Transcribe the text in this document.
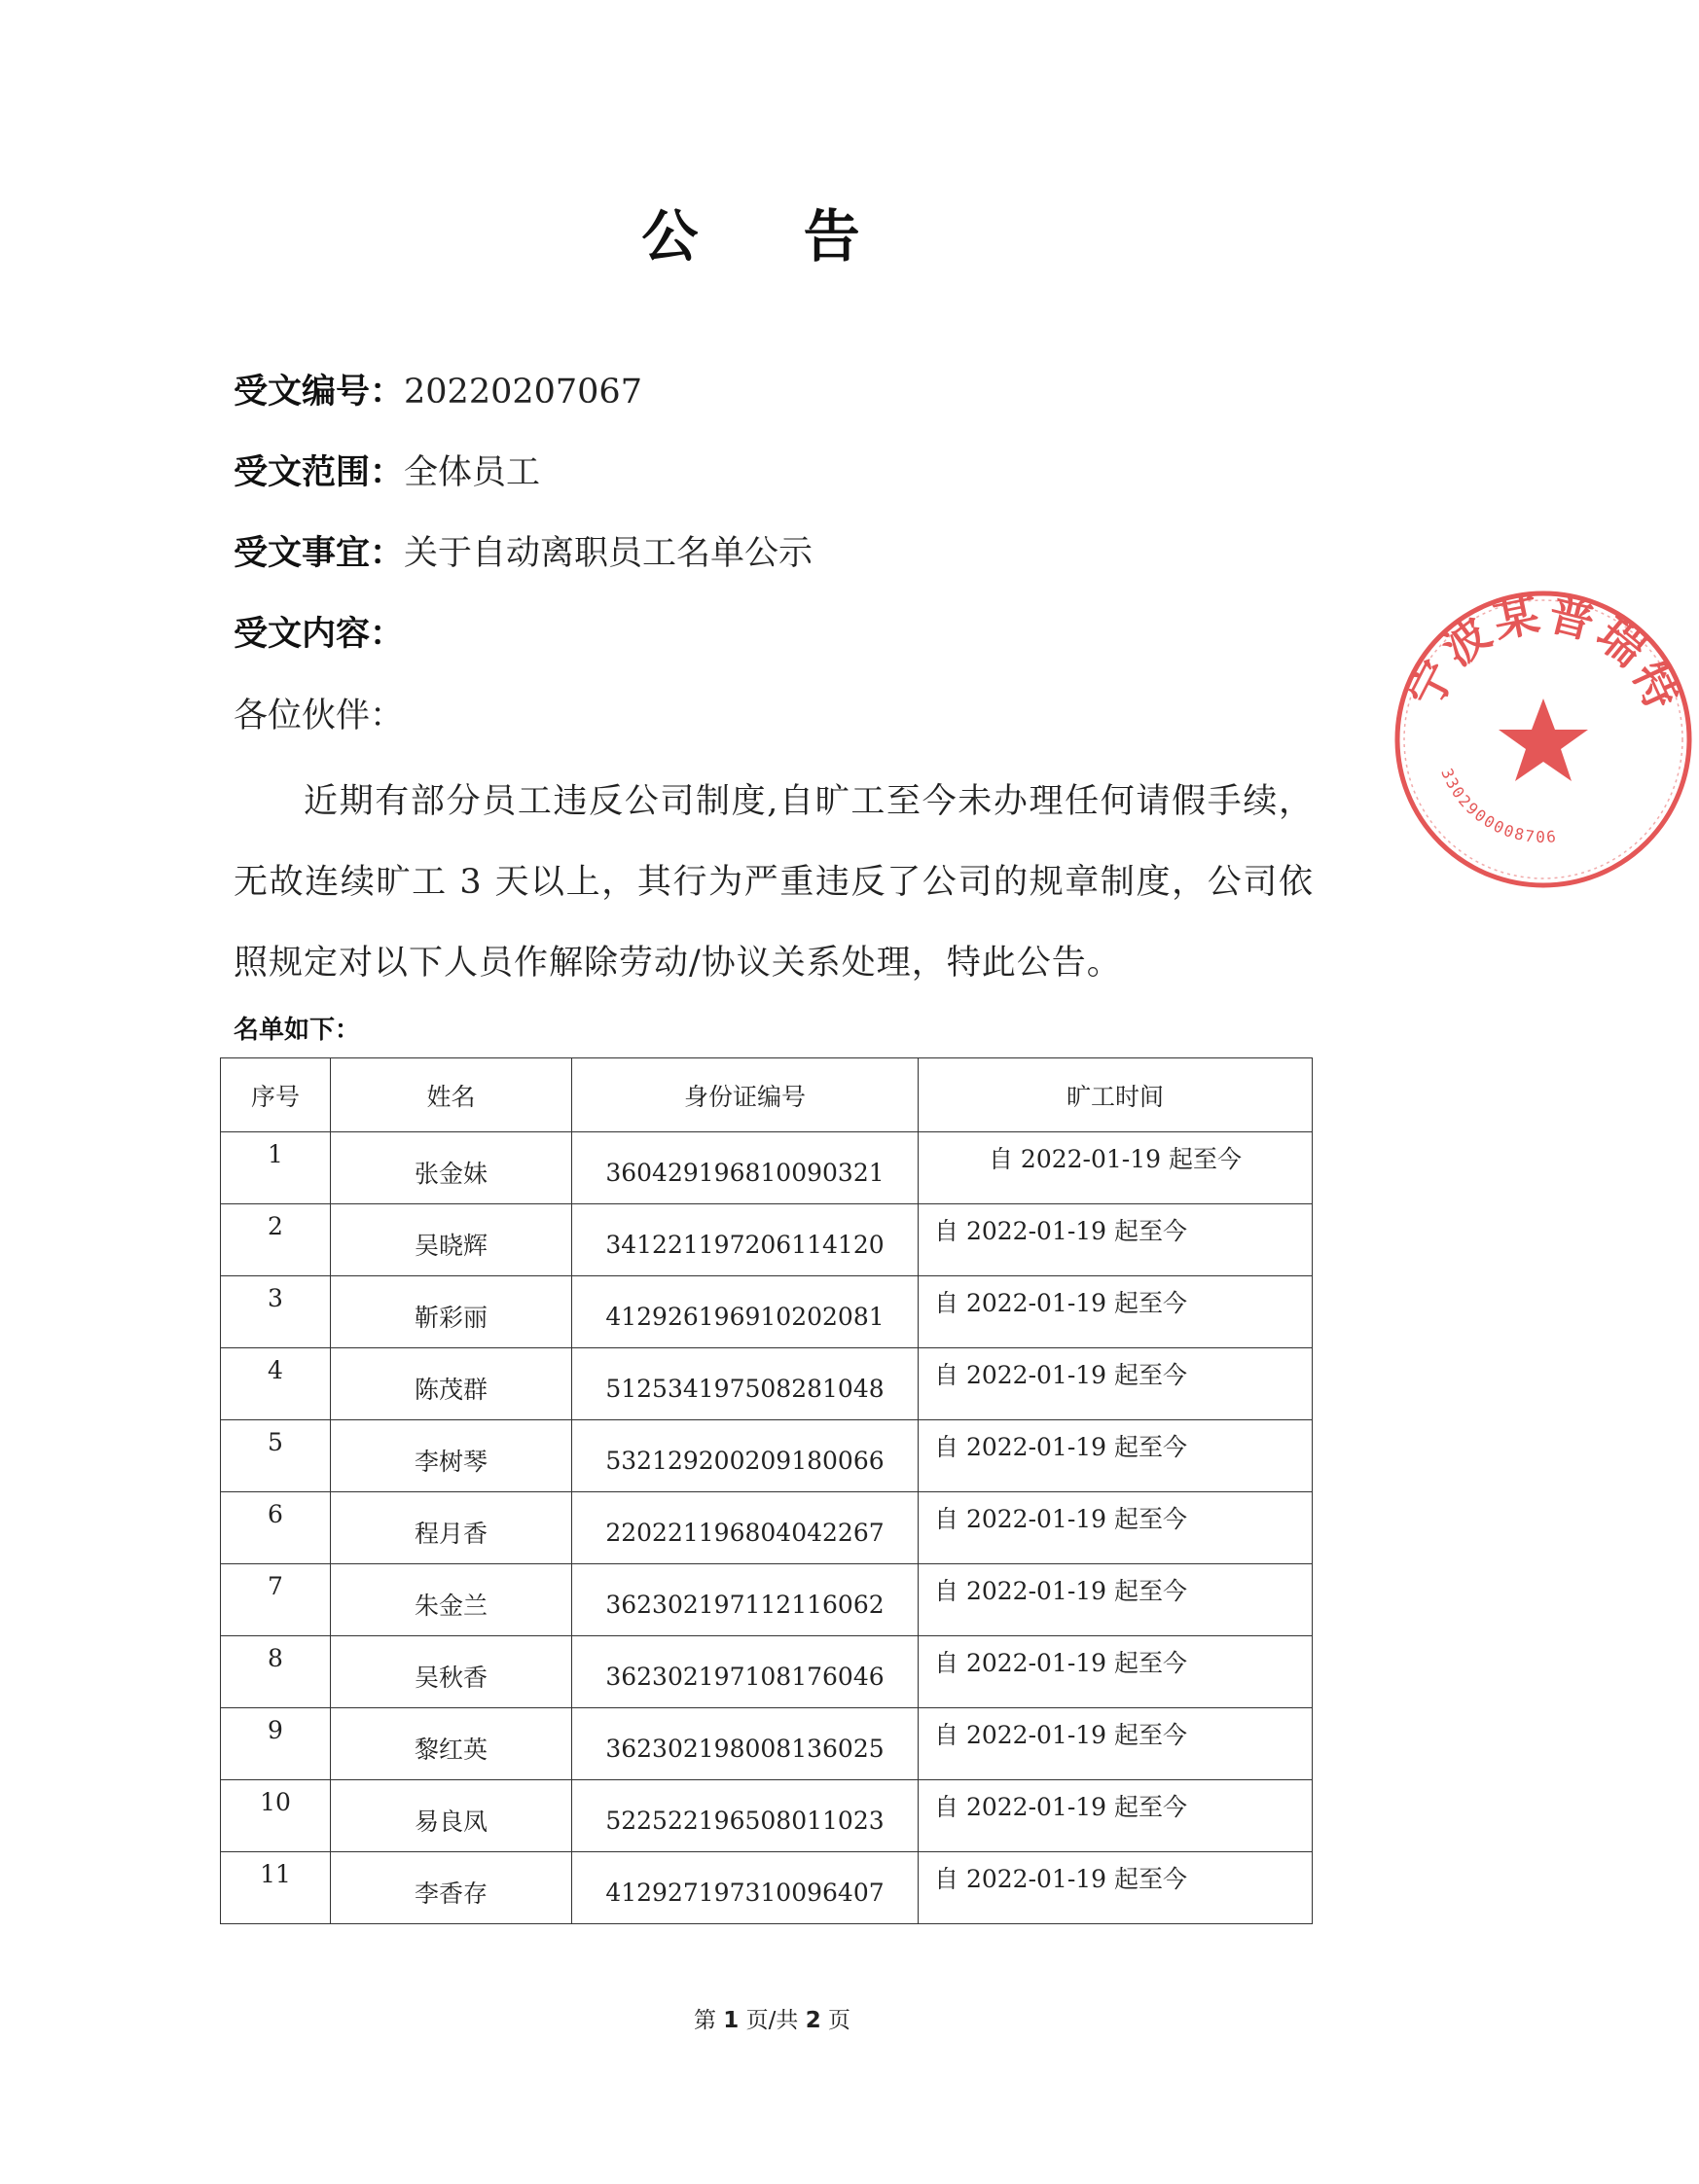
公 告
受文编号：20220207067
受文范围：全体员工
受文事宜：关于自动离职员工名单公示
受文内容：
各位伙伴：
近期有部分员工违反公司制度,自旷工至今未办理任何请假手续，无故连续旷工 3 天以上，其行为严重违反了公司的规章制度，公司依照规定对以下人员作解除劳动/协议关系处理，特此公告。
名单如下：
序号	姓名	身份证编号	旷工时间
1	张金妹	360429196810090321	自 2022-01-19 起至今
2	吴晓辉	341221197206114120	自 2022-01-19 起至今
3	靳彩丽	412926196910202081	自 2022-01-19 起至今
4	陈茂群	512534197508281048	自 2022-01-19 起至今
5	李树琴	532129200209180066	自 2022-01-19 起至今
6	程月香	220221196804042267	自 2022-01-19 起至今
7	朱金兰	362302197112116062	自 2022-01-19 起至今
8	吴秋香	362302197108176046	自 2022-01-19 起至今
9	黎红英	362302198008136025	自 2022-01-19 起至今
10	易良凤	522522196508011023	自 2022-01-19 起至今
11	李香存	412927197310096407	自 2022-01-19 起至今
第 1 页/共 2 页
宁波某普瑞特
3302900008706
